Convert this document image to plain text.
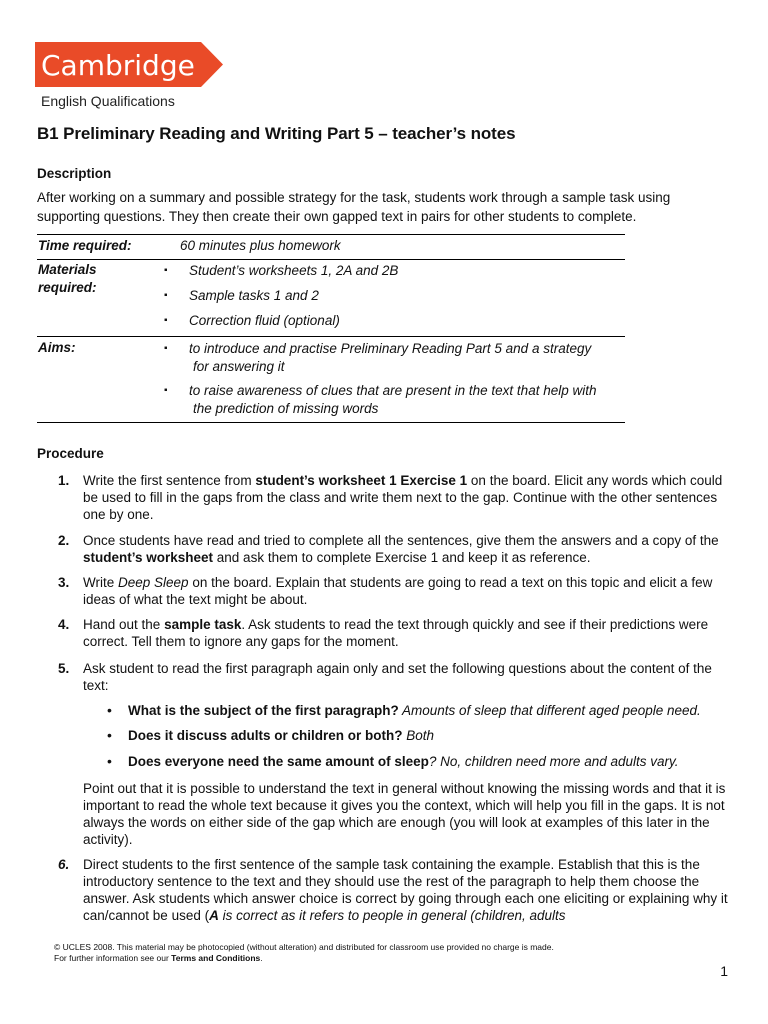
Cambridge
English Qualifications
B1 Preliminary Reading and Writing Part 5 – teacher’s notes
Description
After working on a summary and possible strategy for the task, students work through a sample task using supporting questions. They then create their own gapped text in pairs for other students to complete.
Time required:	60 minutes plus homework
Materials
required:
▪ Student’s worksheets 1, 2A and 2B
▪ Sample tasks 1 and 2
▪ Correction fluid (optional)
Aims:	▪ to introduce and practise Preliminary Reading Part 5 and a strategy
for answering it
▪ to raise awareness of clues that are present in the text that help with
the prediction of missing words
Procedure
1. Write the first sentence from student’s worksheet 1 Exercise 1 on the board. Elicit any words which could be used to fill in the gaps from the class and write them next to the gap. Continue with the other sentences one by one.
2. Once students have read and tried to complete all the sentences, give them the answers and a copy of the student’s worksheet and ask them to complete Exercise 1 and keep it as reference.
3. Write Deep Sleep on the board. Explain that students are going to read a text on this topic and elicit a few ideas of what the text might be about.
4. Hand out the sample task. Ask students to read the text through quickly and see if their predictions were correct. Tell them to ignore any gaps for the moment.
5. Ask student to read the first paragraph again only and set the following questions about the content of the text:
• What is the subject of the first paragraph? Amounts of sleep that different aged people need.
• Does it discuss adults or children or both? Both
• Does everyone need the same amount of sleep? No, children need more and adults vary.
Point out that it is possible to understand the text in general without knowing the missing words and that it is important to read the whole text because it gives you the context, which will help you fill in the gaps. It is not always the words on either side of the gap which are enough (you will look at examples of this later in the activity).
6. Direct students to the first sentence of the sample task containing the example. Establish that this is the introductory sentence to the text and they should use the rest of the paragraph to help them choose the answer. Ask students which answer choice is correct by going through each one eliciting or explaining why it can/cannot be used (A is correct as it refers to people in general (children, adults
© UCLES 2008. This material may be photocopied (without alteration) and distributed for classroom use provided no charge is made.
For further information see our Terms and Conditions.
1
